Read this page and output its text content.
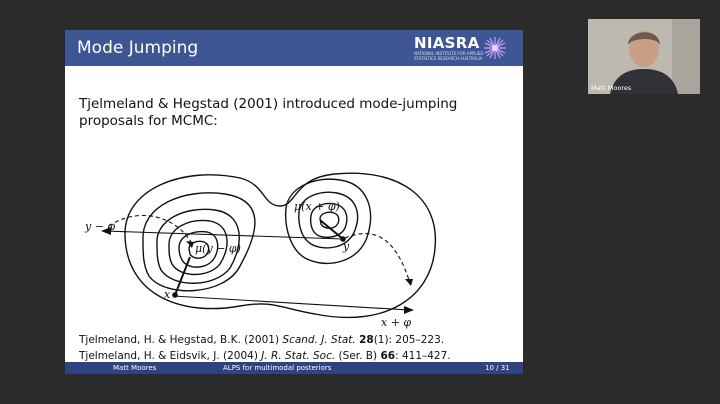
Mode Jumping	NIASRA
NATIONAL INSTITUTE FOR APPLIED STATISTICS RESEARCH AUSTRALIA
Tjelmeland & Hegstad (2001) introduced mode-jumping proposals for MCMC:
y − φ
μ(x + φ)
μ(y − φ)
x
y
x + φ
Tjelmeland, H. & Hegstad, B.K. (2001) Scand. J. Stat. 28(1): 205–223.
Tjelmeland, H. & Eidsvik, J. (2004) J. R. Stat. Soc. (Ser. B) 66: 411–427.
Matt Moores	ALPS for multimodal posteriors	10 / 31
Matt Moores
